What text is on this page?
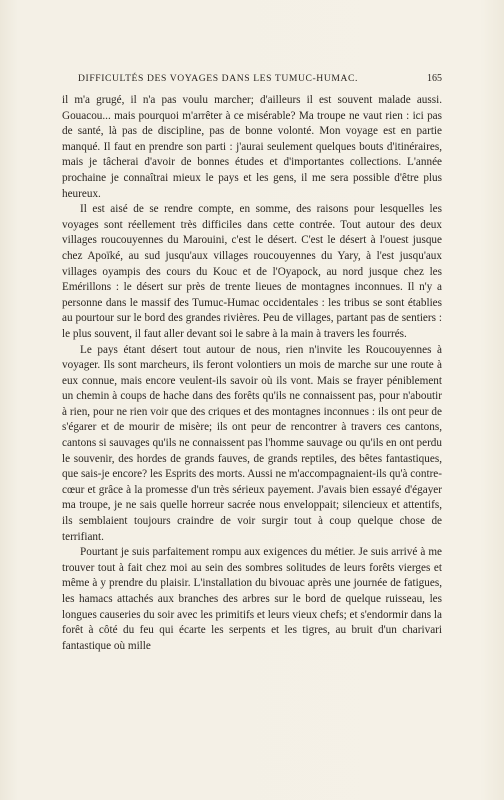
DIFFICULTÉS DES VOYAGES DANS LES TUMUC-HUMAC.	165

il m'a grugé, il n'a pas voulu marcher; d'ailleurs il est souvent malade aussi. Gouacou... mais pourquoi m'arrêter à ce misérable? Ma troupe ne vaut rien : ici pas de santé, là pas de discipline, pas de bonne volonté. Mon voyage est en partie manqué. Il faut en prendre son parti : j'aurai seulement quelques bouts d'itinéraires, mais je tâcherai d'avoir de bonnes études et d'importantes collections. L'année prochaine je connaîtrai mieux le pays et les gens, il me sera possible d'être plus heureux.

Il est aisé de se rendre compte, en somme, des raisons pour lesquelles les voyages sont réellement très difficiles dans cette contrée. Tout autour des deux villages roucouyennes du Marouini, c'est le désert. C'est le désert à l'ouest jusque chez Apoïké, au sud jusqu'aux villages roucouyennes du Yary, à l'est jusqu'aux villages oyampis des cours du Kouc et de l'Oyapock, au nord jusque chez les Emérillons : le désert sur près de trente lieues de montagnes inconnues. Il n'y a personne dans le massif des Tumuc-Humac occidentales : les tribus se sont établies au pourtour sur le bord des grandes rivières. Peu de villages, partant pas de sentiers : le plus souvent, il faut aller devant soi le sabre à la main à travers les fourrés.

Le pays étant désert tout autour de nous, rien n'invite les Roucouyennes à voyager. Ils sont marcheurs, ils feront volontiers un mois de marche sur une route à eux connue, mais encore veulent-ils savoir où ils vont. Mais se frayer péniblement un chemin à coups de hache dans des forêts qu'ils ne connaissent pas, pour n'aboutir à rien, pour ne rien voir que des criques et des montagnes inconnues : ils ont peur de s'égarer et de mourir de misère; ils ont peur de rencontrer à travers ces cantons, cantons si sauvages qu'ils ne connaissent pas l'homme sauvage ou qu'ils en ont perdu le souvenir, des hordes de grands fauves, de grands reptiles, des bêtes fantastiques, que sais-je encore? les Esprits des morts. Aussi ne m'accompagnaient-ils qu'à contre-cœur et grâce à la promesse d'un très sérieux payement. J'avais bien essayé d'égayer ma troupe, je ne sais quelle horreur sacrée nous enveloppait; silencieux et attentifs, ils semblaient toujours craindre de voir surgir tout à coup quelque chose de terrifiant.

Pourtant je suis parfaitement rompu aux exigences du métier. Je suis arrivé à me trouver tout à fait chez moi au sein des sombres solitudes de leurs forêts vierges et même à y prendre du plaisir. L'installation du bivouac après une journée de fatigues, les hamacs attachés aux branches des arbres sur le bord de quelque ruisseau, les longues causeries du soir avec les primitifs et leurs vieux chefs; et s'endormir dans la forêt à côté du feu qui écarte les serpents et les tigres, au bruit d'un charivari fantastique où mille
